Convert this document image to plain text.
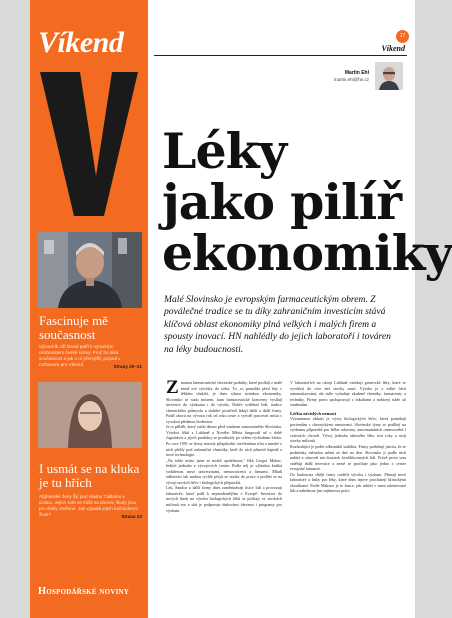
Víkend
Fascinuje mě současnost
Výtvarník Jiří David patří k výrazným osobnostem české scény. Proč ho láká současnost a jak o ní přemýšlí, popsal v rozhovoru pro Víkend.	Strany 20–21
I usmát se na kluka je tu hřích
Afghánské ženy žijí pod vládou Tálibánu v izolaci. Jejich svět se zúžil na domov, školy jsou pro dívky zavřené. Jak vypadá jejich každodenní život?	Strana 23
Hospodářské noviny
17
Víkend
Martin Ehl
martin.ehl@hn.cz
Léky jako pilíř ekonomiky

Malé Slovinsko je evropským farmaceutickým obrem. Z poválečné tradice se tu díky zahraničním investicím stává klíčová oblast ekonomiky plná velkých i malých firem a spousty inovací. HN nahlédly do jejich laboratoří i továren na léky budoucnosti.

Zmanou farmaceutické slovinské podniky, které posílají z malé země své výrobky do světa. To, co pomohlo před lety v těžkém období, je dnes silnou stránkou ekonomiky. Slovinsko se stalo místem, kam farmaceutické koncerny vysílají investice do výzkumu i do výroby. Dobře vzdělaní lidé, tradice chemického průmyslu a stabilní prostředí lákají další a další firmy. Podíl oboru na vývozu rok od roku roste a vytváří pracovní místa s vysokou přidanou hodnotou.

Je to příběh, který začal dávno před vznikem samostatného Slovinska. Výrobci léků z Lublaně a Nového Města fungovali už v době Jugoslávie a jejich produkty se prodávaly po celém východním bloku. Po roce 1991 se firmy musely přizpůsobit otevřenému trhu a mnohé z nich přešly pod zahraniční vlastníky, kteří do nich přinesli kapitál a nové technologie.

„Na tohle místo jsme se mohli spolehnout,“ říká Gregor Makuc, ředitel jednoho z vývojových center. Podle něj je výhodou krátká vzdálenost mezi univerzitami, nemocnicemi a firmami. Mladí odborníci tak mohou rychle přejít ze studia do praxe a podílet se na vývoji nových léčiv i biologických přípravků.

Lek, Sandoz a další firmy dnes zaměstnávají tisíce lidí a provozují laboratoře, které patří k nejmodernějším v Evropě. Investice do nových linek na výrobu biologických léků se počítají ve stovkách milionů eur a stát je podporuje daňovými úlevami i programy pro výzkum.

V laboratořích na okraji Lublaně vznikají generické léky, které se vyvážejí do více než stovky zemí. Výroba je z velké části automatizovaná, ale stále vyžaduje zkušené chemiky, farmaceuty a techniky. Firmy proto spolupracují s fakultami a nabízejí stáže už studentům.

Léčba závislých nemocí

Významnou oblastí je vývoj biologických léčiv, která pomáhají pacientům s chronickými nemocemi. Slovinské týmy se podílejí na výzkumu přípravků pro léčbu rakoviny, autoimunitních onemocnění i vzácných chorob. Vývoj jednoho takového léku trvá roky a stojí stovky milionů.

Rozhodující je podle odborníků stabilita. Firmy potřebují jistotu, že se podmínky nebudou měnit ze dne na den. Slovinsko ji podle nich nabízí a zároveň má dostatek kvalifikovaných lidí. Právě proto sem směřují další investice a země se profiluje jako jedno z center evropské farmacie.

Do budoucna chtějí firmy rozšířit výrobu i výzkum. Plánují nové laboratoře a linky pro léky, které dnes teprve procházejí klinickými zkouškami. Podle Makuce je to šance, jak udržet v zemi talentované lidi a nabídnout jim zajímavou práci.
